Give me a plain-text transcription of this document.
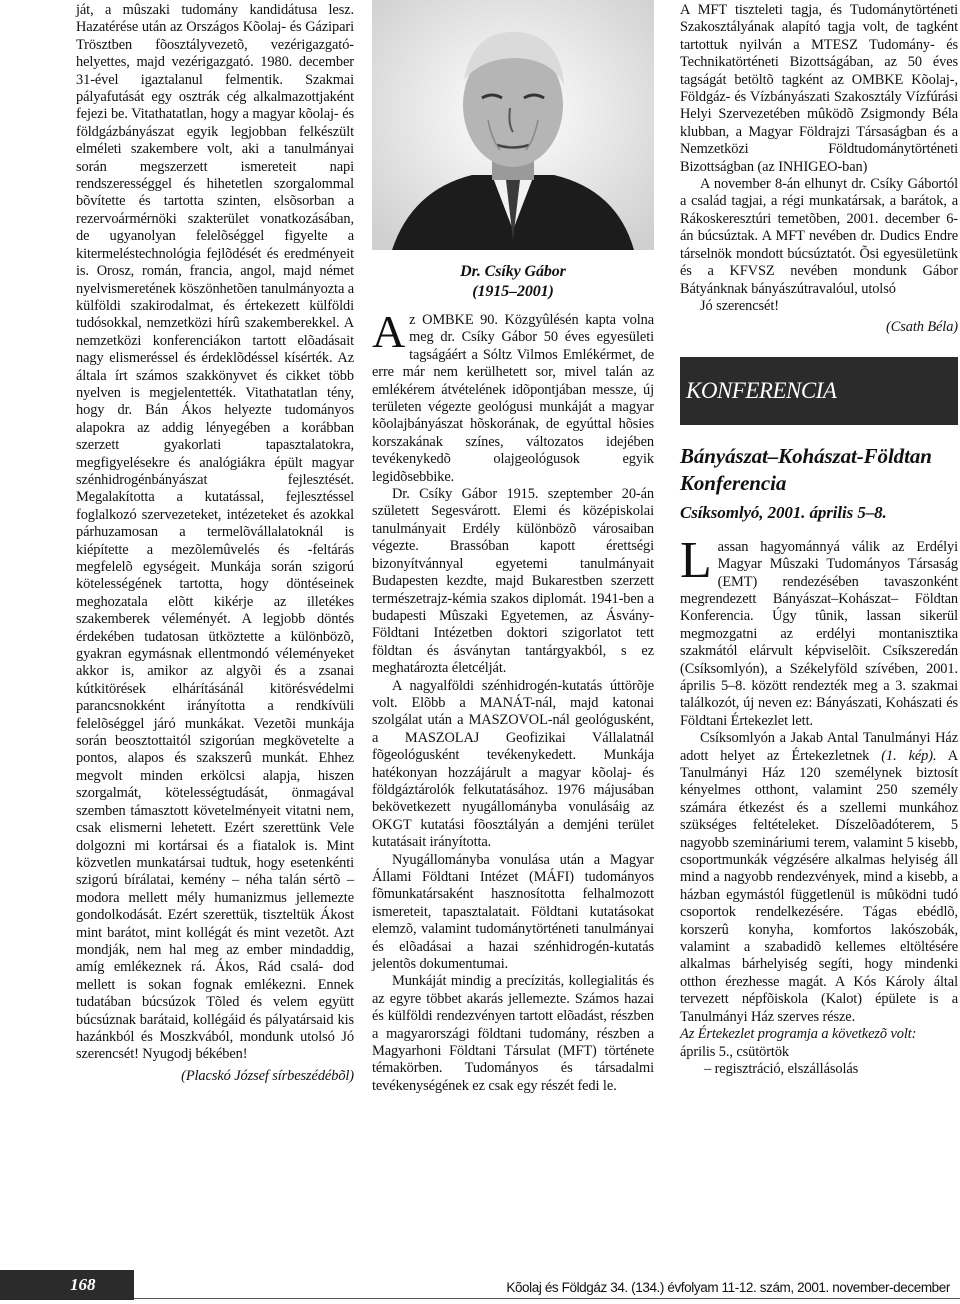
ját, a mûszaki tudomány kandidátusa lesz. Hazatérése után az Országos Kõolaj- és Gázipari Trösztben fõosztályvezetõ, vezérigazgató-helyettes, majd vezérigazgató. 1980. december 31-ével igaztalanul felmentik. Szakmai pályafutását egy osztrák cég alkalmazottjaként fejezi be. Vitathatatlan, hogy a magyar kõolaj- és földgázbányászat egyik legjobban felkészült elméleti szakembere volt, aki a tanulmányai során megszerzett ismereteit napi rendszerességgel és hihetetlen szorgalommal bõvítette és tartotta szinten, elsõsorban a rezervoármérnöki szakterület vonatkozásában, de ugyanolyan felelõséggel figyelte a kitermeléstechnológia fejlõdését és eredményeit is. Orosz, román, francia, angol, majd német nyelvismeretének köszönhetõen tanulmányozta a külföldi szakirodalmat, és értekezett külföldi tudósokkal, nemzetközi hírû szakemberekkel. A nemzetközi konferenciákon tartott elõadásait nagy elismeréssel és érdeklõdéssel kísérték. Az általa írt számos szakkönyvet és cikket több nyelven is megjelentették. Vitathatatlan tény, hogy dr. Bán Ákos helyezte tudományos alapokra az addig lényegében a korábban szerzett gyakorlati tapasztalatokra, megfigyelésekre és analógiákra épült magyar szénhidrogénbányászat fejlesztését. Megalakította a kutatással, fejlesztéssel foglalkozó szervezeteket, intézeteket és azokkal párhuzamosan a termelõvállalatoknál is kiépítette a mezõlemûvelés és -feltárás megfelelõ egységeit. Munkája során szigorú kötelességének tartotta, hogy döntéseinek meghozatala elõtt kikérje az illetékes szakemberek véleményét. A legjobb döntés érdekében tudatosan ütköztette a különbözõ, gyakran egymásnak ellentmondó véleményeket akkor is, amikor az algyõi és a zsanai kútkitörések elhárításánál kitörésvédelmi parancsnokként irányította a rendkívüli felelõséggel járó munkákat. Vezetõi munkája során beosztottaitól szigorúan megkövetelte a pontos, alapos és szakszerû munkát. Ehhez megvolt minden erkölcsi alapja, hiszen szorgalmát, kötelességtudását, önmagával szemben támasztott követelményeit vitatni nem, csak elismerni lehetett. Ezért szerettünk Vele dolgozni mi kortársai és a fiatalok is. Mint közvetlen munkatársai tudtuk, hogy esetenkénti szigorú bírálatai, kemény – néha talán sértõ – modora mellett mély humanizmus jellemezte gondolkodását. Ezért szerettük, tiszteltük Ákost mint barátot, mint kollégát és mint vezetõt. Azt mondják, nem hal meg az ember mindaddig, amíg emlékeznek rá. Ákos, Rád csalá- dod mellett is sokan fognak emlékezni. Ennek tudatában búcsúzok Tõled és velem együtt búcsúznak barátaid, kollégáid és pályatársaid kis hazánkból és Moszkvából, mondunk utolsó Jó szerencsét! Nyugodj békében!

(Placskó József sírbeszédébõl)
Dr. Csíky Gábor
(1915–2001)

Az OMBKE 90. Közgyûlésén kapta volna meg dr. Csíky Gábor 50 éves egyesületi tagságáért a Sóltz Vilmos Emlékérmet, de erre már nem kerülhetett sor, mivel talán az emlékérem átvételének idõpontjában messze, új területen végezte geológusi munkáját a magyar kõolajbányászat hõskorának, de egyúttal hõsies korszakának színes, változatos idejében tevékenykedõ olajgeológusok egyik legidõsebbike.

Dr. Csíky Gábor 1915. szeptember 20-án született Segesvárott. Elemi és középiskolai tanulmányait Erdély különbözõ városaiban végezte. Brassóban kapott érettségi bizonyítvánnyal egyetemi tanulmányait Budapesten kezdte, majd Bukarestben szerzett természetrajz-kémia szakos diplomát. 1941-ben a budapesti Mûszaki Egyetemen, az Ásvány-Földtani Intézetben doktori szigorlatot tett földtan és ásványtan tantárgyakból, s ez meghatározta életcélját.

A nagyalföldi szénhidrogén-kutatás úttörõje volt. Elõbb a MANÁT-nál, majd katonai szolgálat után a MASZOVOL-nál geológusként, a MASZOLAJ Geofizikai Vállalatnál fõgeológusként tevékenykedett. Munkája hatékonyan hozzájárult a magyar kõolaj- és földgáztárolók felkutatásához. 1976 májusában bekövetkezett nyugállományba vonulásáig az OKGT kutatási fõosztályán a demjéni terület kutatásait irányította.

Nyugállományba vonulása után a Magyar Állami Földtani Intézet (MÁFI) tudományos fõmunkatársaként hasznosította felhalmozott ismereteit, tapasztalatait. Földtani kutatásokat elemzõ, valamint tudománytörténeti tanulmányai és elõadásai a hazai szénhidrogén-kutatás jelentõs dokumentumai.

Munkáját mindig a precízitás, kollegialitás és az egyre többet akarás jellemezte. Számos hazai és külföldi rendezvényen tartott elõadást, részben a magyarországi földtani tudomány, részben a Magyarhoni Földtani Társulat (MFT) története témakörben. Tudományos és társadalmi tevékenységének ez csak egy részét fedi le.

A MFT tiszteleti tagja, és Tudománytörténeti Szakosztályának alapító tagja volt, de tagként tartottuk nyilván a MTESZ Tudomány- és Technikatörténeti Bizottságában, az 50 éves tagságát betöltõ tagként az OMBKE Kõolaj-, Földgáz- és Vízbányászati Szakosztály Vízfúrási Helyi Szervezetében mûködõ Zsigmondy Béla klubban, a Magyar Földrajzi Társaságban és a Nemzetközi Földtudománytörténeti Bizottságban (az INHIGEO-ban)

A november 8-án elhunyt dr. Csíky Gábortól a család tagjai, a régi munkatársak, a barátok, a Rákoskeresztúri temetõben, 2001. december 6-án búcsúztak. A MFT nevében dr. Dudics Endre társelnök mondott búcsúztatót. Õsi egyesületünk és a KFVSZ nevében mondunk Gábor Bátyánknak bányászútravalóul, utolsó

Jó szerencsét!

(Csath Béla)
KONFERENCIA
Bányászat–Kohászat-Földtan Konferencia
Csíksomlyó, 2001. április 5–8.

Lassan hagyománnyá válik az Erdélyi Magyar Mûszaki Tudományos Társaság (EMT) rendezésében tavaszonként megrendezett Bányászat–Kohászat– Földtan Konferencia. Úgy tûnik, lassan sikerül megmozgatni az erdélyi montanisztika szakmától elárvult képviselõit. Csíkszeredán (Csíksomlyón), a Székelyföld szívében, 2001. április 5–8. között rendezték meg a 3. szakmai találkozót, új neven ez: Bányászati, Kohászati és Földtani Értekezlet lett.

Csíksomlyón a Jakab Antal Tanulmányi Ház adott helyet az Értekezletnek (1. kép). A Tanulmányi Ház 120 személynek biztosít kényelmes otthont, valamint 250 személy számára étkezést és a szellemi munkához szükséges feltételeket. Díszelõadóterem, 5 nagyobb szemináriumi terem, valamint 5 kisebb, csoportmunkák végzésére alkalmas helyiség áll mind a nagyobb rendezvények, mind a kisebb, a házban egymástól függetlenül is mûködni tudó csoportok rendelkezésére. Tágas ebédlõ, korszerû konyha, komfortos lakószobák, valamint a szabadidõ kellemes eltöltésére alkalmas bárhelyiség segíti, hogy mindenki otthon érezhesse magát. A Kós Károly által tervezett népfõiskola (Kalot) épülete is a Tanulmányi Ház szerves része.

Az Értekezlet programja a következõ volt:

április 5., csütörtök

– regisztráció, elszállásolás

168	Kõolaj és Földgáz 34. (134.) évfolyam 11-12. szám, 2001. november-december
